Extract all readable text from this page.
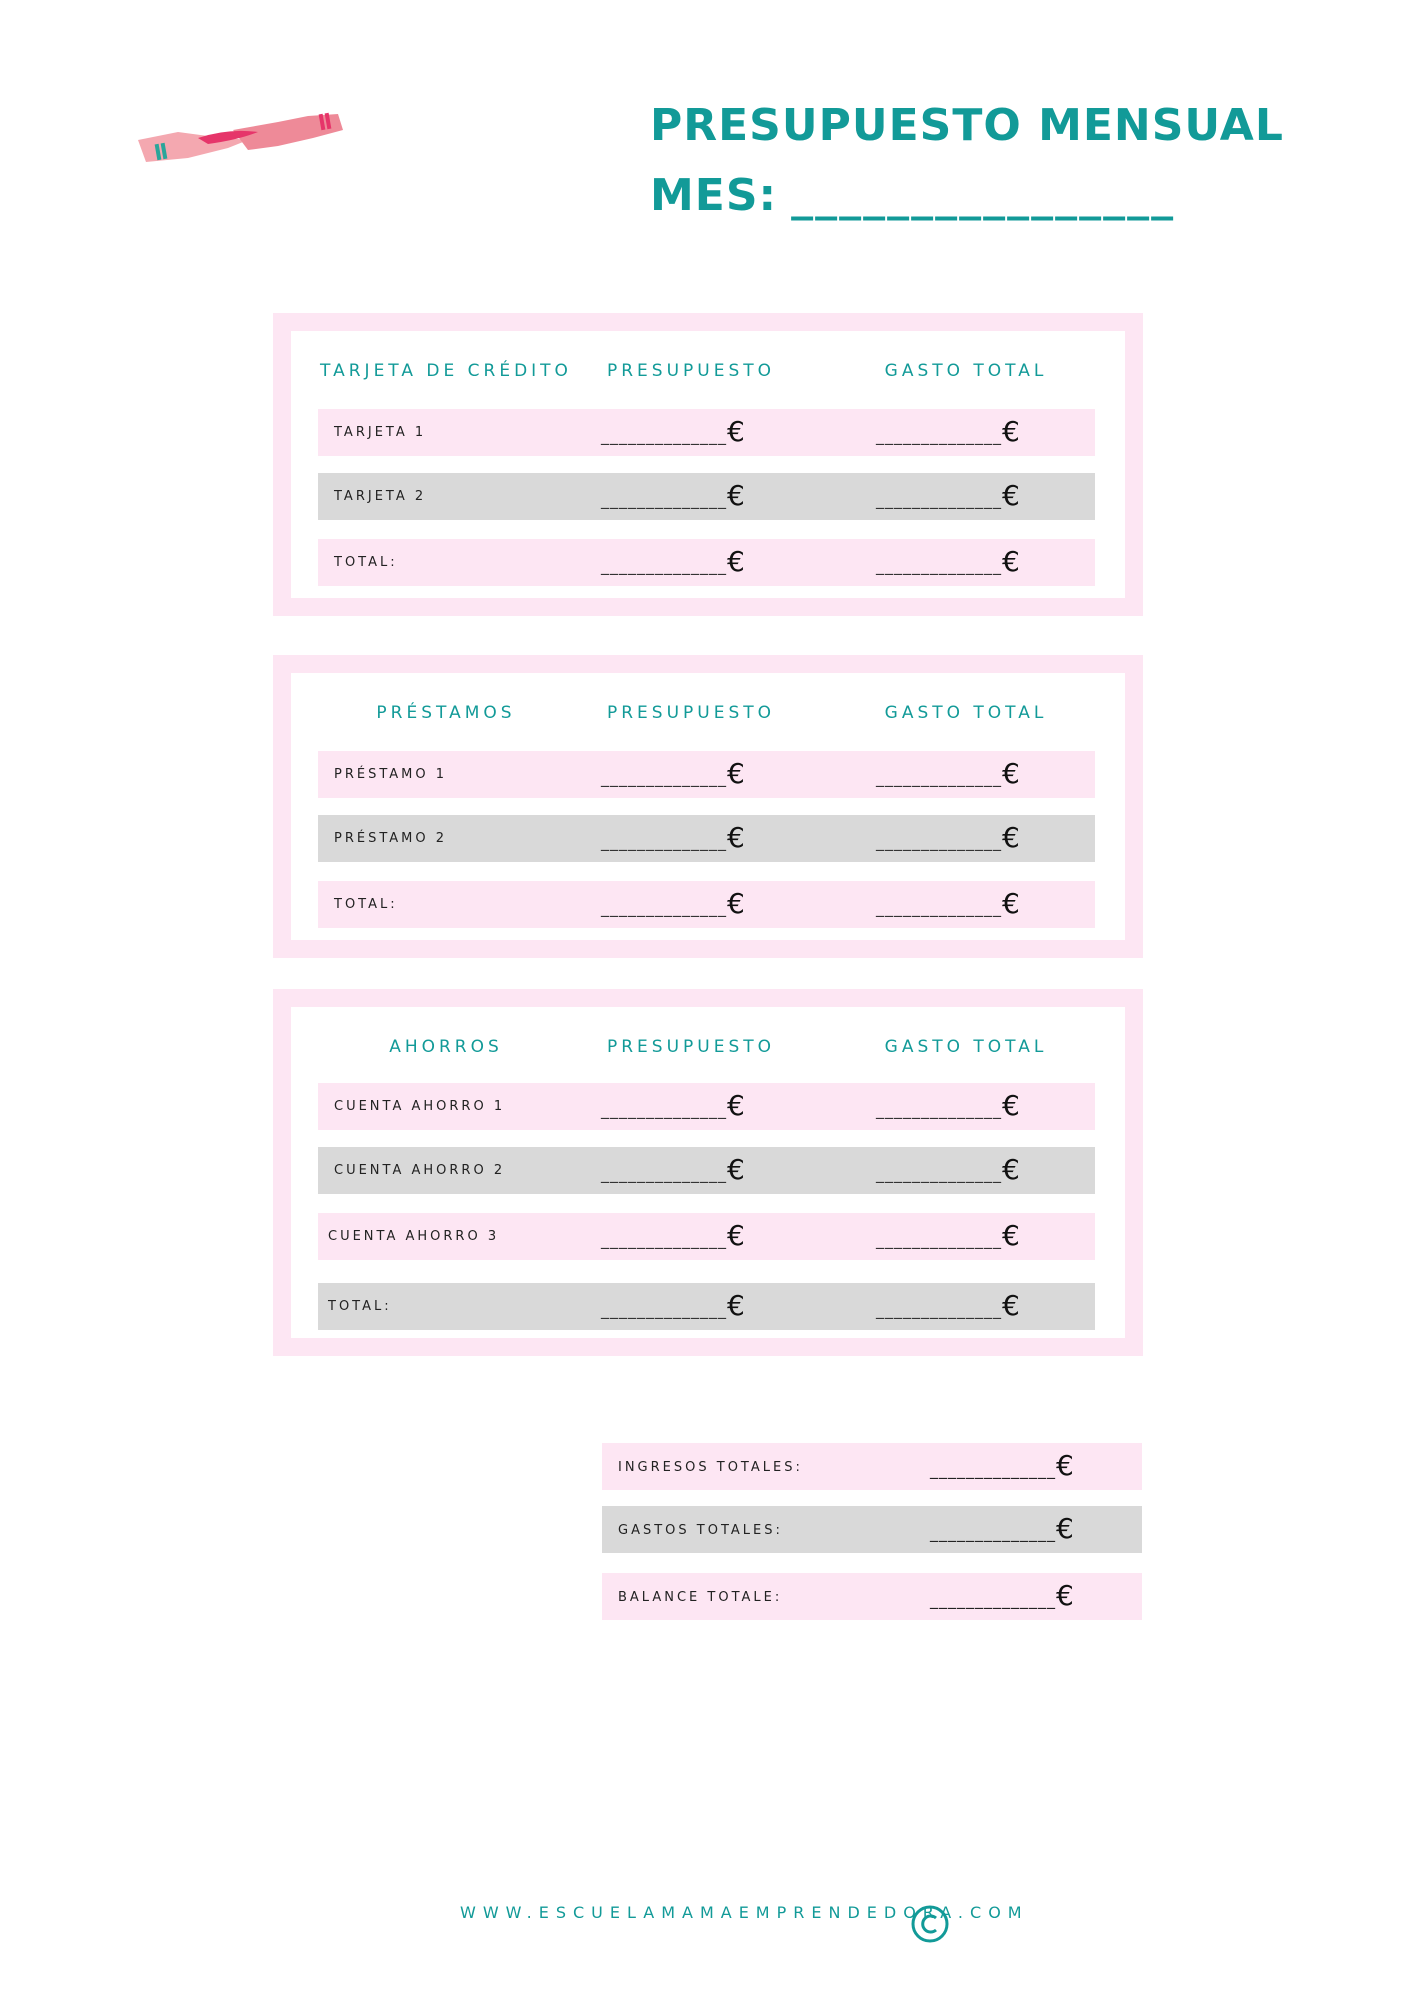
PRESUPUESTO MENSUAL
MES: ________________
TARJETA DE CRÉDITO	PRESUPUESTO	GASTO TOTAL
TARJETA 1	______________€	______________€
TARJETA 2	______________€	______________€
TOTAL:	______________€	______________€
PRÉSTAMOS	PRESUPUESTO	GASTO TOTAL
PRÉSTAMO 1	______________€	______________€
PRÉSTAMO 2	______________€	______________€
TOTAL:	______________€	______________€
AHORROS	PRESUPUESTO	GASTO TOTAL
CUENTA AHORRO 1	______________€	______________€
CUENTA AHORRO 2	______________€	______________€
CUENTA AHORRO 3	______________€	______________€
TOTAL:	______________€	______________€
INGRESOS TOTALES:	______________€
GASTOS TOTALES:	______________€
BALANCE TOTALE:	______________€
WWW.ESCUELAMAMAEMPRENDEDORA.COM
